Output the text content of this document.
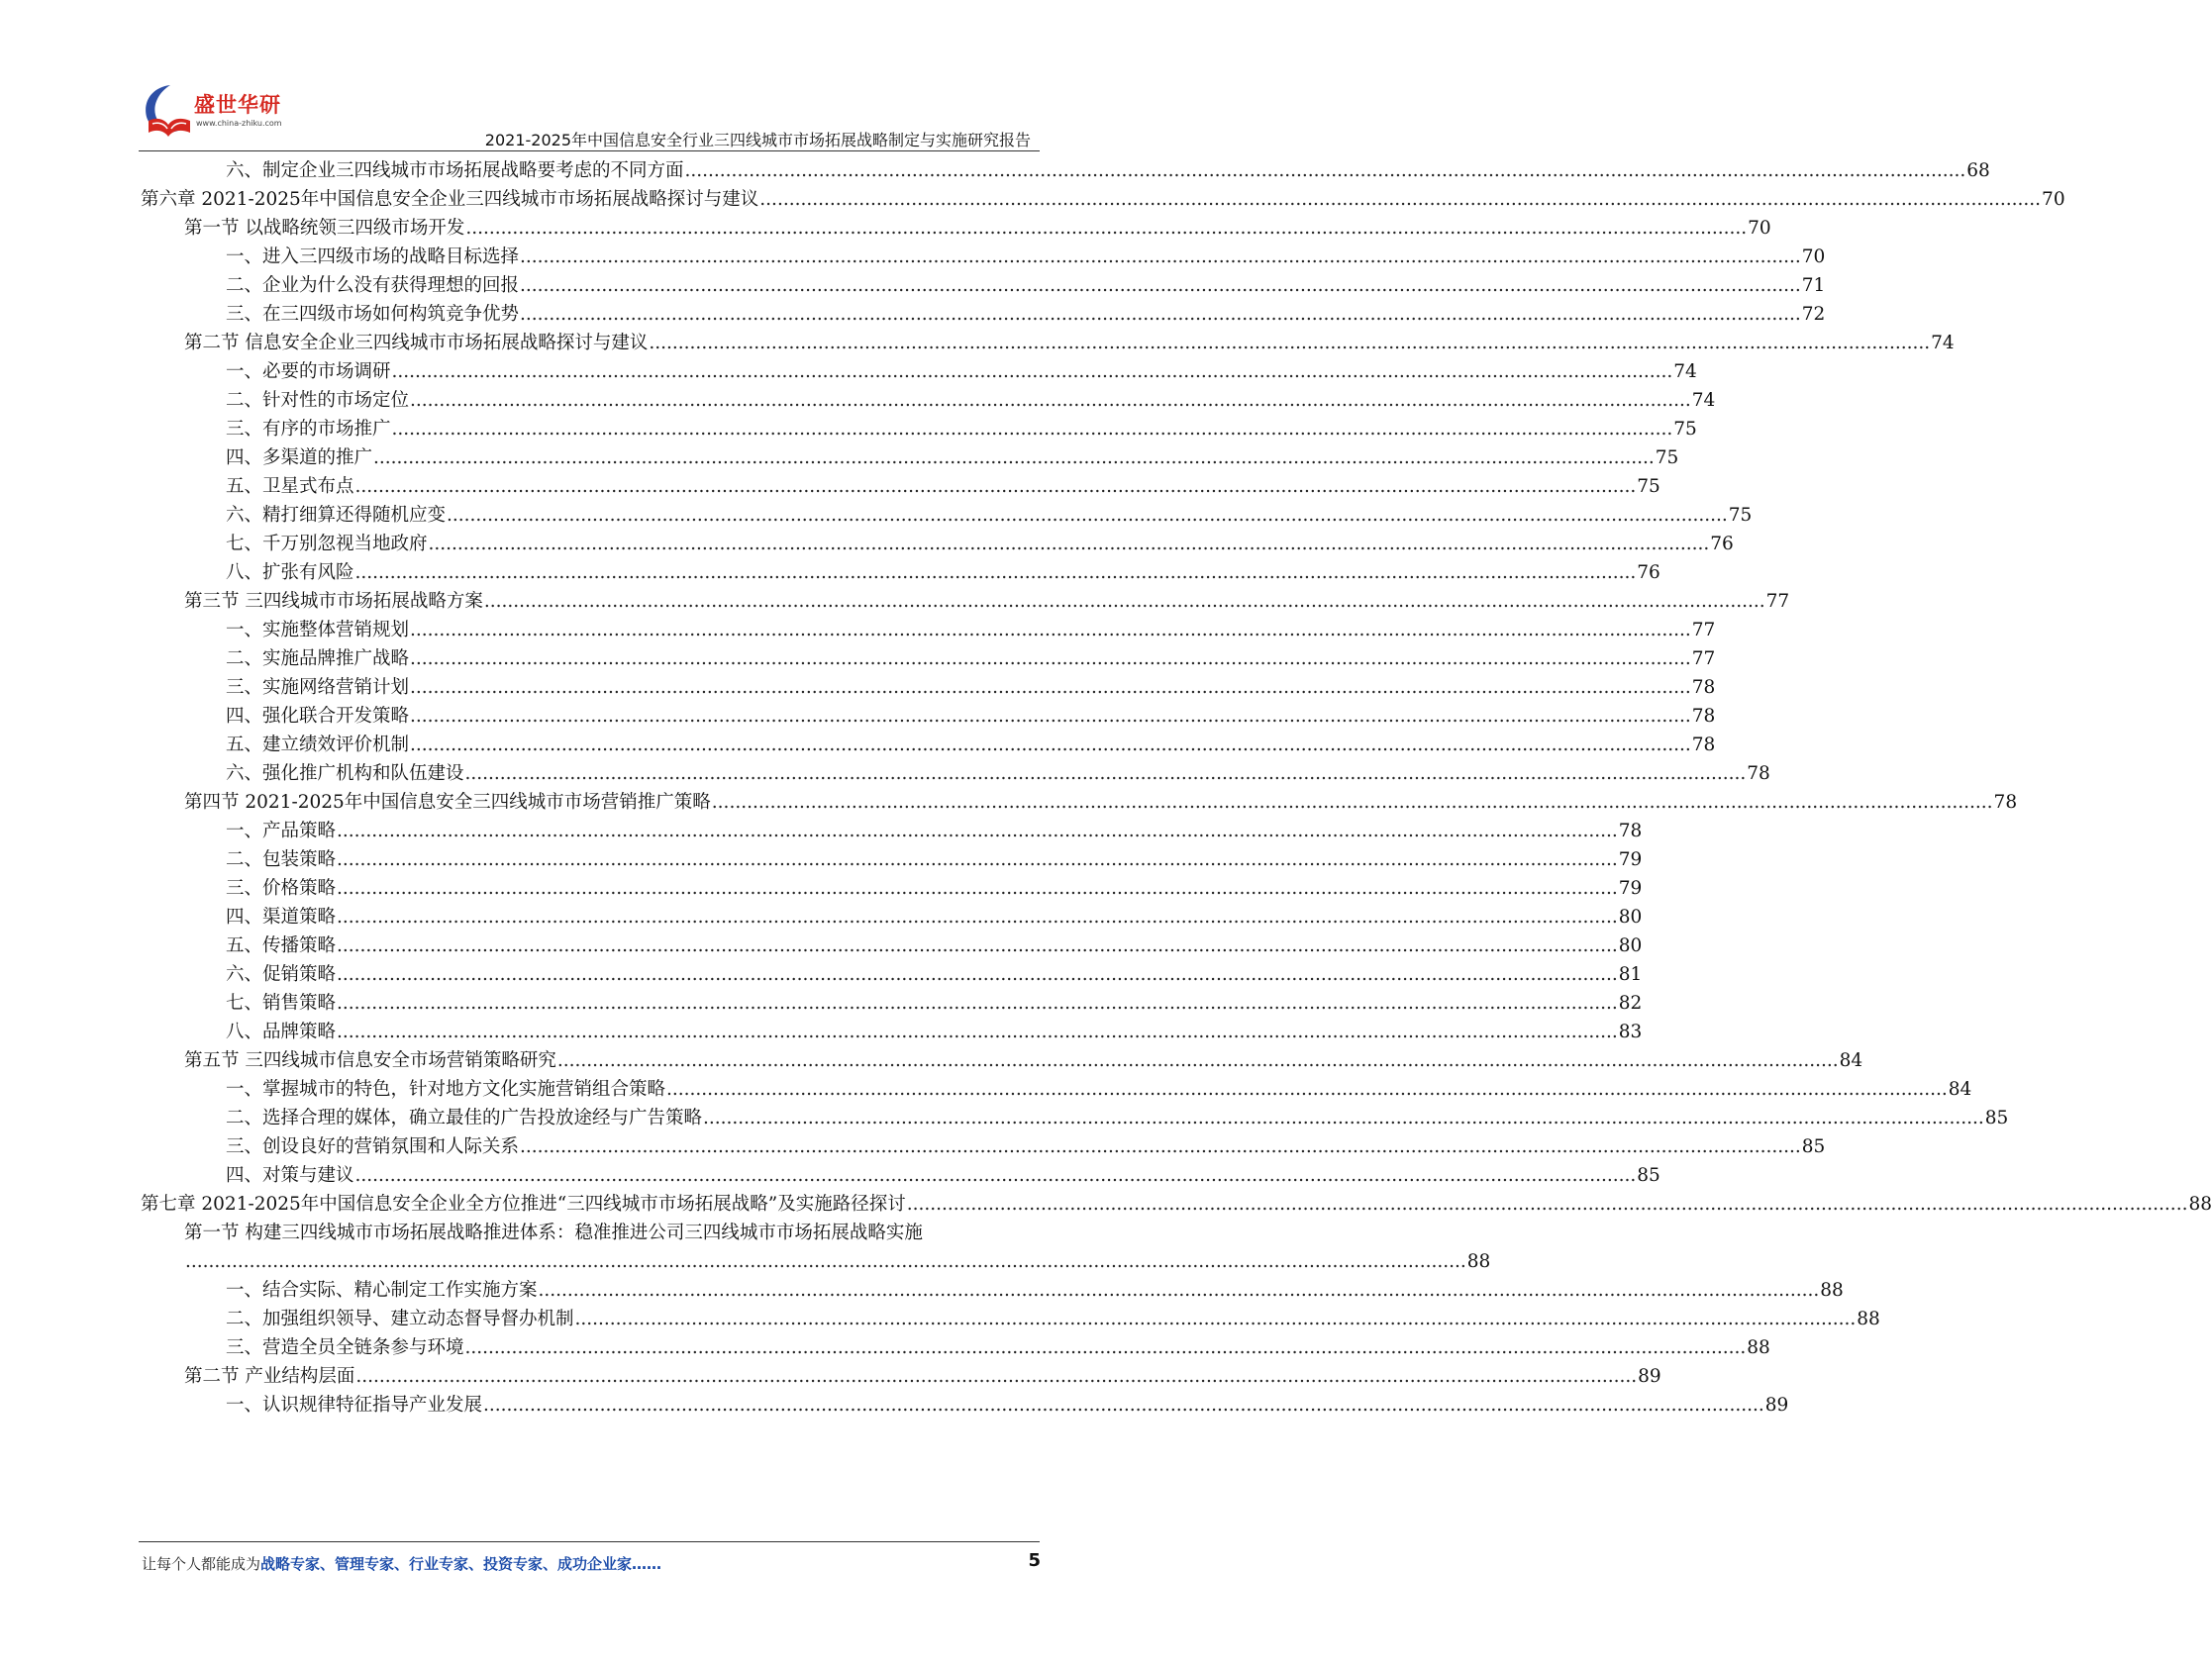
盛世华研
www.china-zhiku.com
2021-2025年中国信息安全行业三四线城市市场拓展战略制定与实施研究报告
六、制定企业三四线城市市场拓展战略要考虑的不同方面 ............................................................................................................................................................................................................................ 68
第六章 2021-2025年中国信息安全企业三四线城市市场拓展战略探讨与建议 ............................................................................................................................................................................................................................ 70
第一节 以战略统领三四级市场开发 ............................................................................................................................................................................................................................ 70
一、进入三四级市场的战略目标选择 ............................................................................................................................................................................................................................ 70
二、企业为什么没有获得理想的回报 ............................................................................................................................................................................................................................ 71
三、在三四级市场如何构筑竞争优势 ............................................................................................................................................................................................................................ 72
第二节 信息安全企业三四线城市市场拓展战略探讨与建议 ............................................................................................................................................................................................................................ 74
一、必要的市场调研 ............................................................................................................................................................................................................................ 74
二、针对性的市场定位 ............................................................................................................................................................................................................................ 74
三、有序的市场推广 ............................................................................................................................................................................................................................ 75
四、多渠道的推广 ............................................................................................................................................................................................................................ 75
五、卫星式布点 ............................................................................................................................................................................................................................ 75
六、精打细算还得随机应变 ............................................................................................................................................................................................................................ 75
七、千万别忽视当地政府 ............................................................................................................................................................................................................................ 76
八、扩张有风险 ............................................................................................................................................................................................................................ 76
第三节 三四线城市市场拓展战略方案 ............................................................................................................................................................................................................................ 77
一、实施整体营销规划 ............................................................................................................................................................................................................................ 77
二、实施品牌推广战略 ............................................................................................................................................................................................................................ 77
三、实施网络营销计划 ............................................................................................................................................................................................................................ 78
四、强化联合开发策略 ............................................................................................................................................................................................................................ 78
五、建立绩效评价机制 ............................................................................................................................................................................................................................ 78
六、强化推广机构和队伍建设 ............................................................................................................................................................................................................................ 78
第四节 2021-2025年中国信息安全三四线城市市场营销推广策略 ............................................................................................................................................................................................................................ 78
一、产品策略 ............................................................................................................................................................................................................................ 78
二、包装策略 ............................................................................................................................................................................................................................ 79
三、价格策略 ............................................................................................................................................................................................................................ 79
四、渠道策略 ............................................................................................................................................................................................................................ 80
五、传播策略 ............................................................................................................................................................................................................................ 80
六、促销策略 ............................................................................................................................................................................................................................ 81
七、销售策略 ............................................................................................................................................................................................................................ 82
八、品牌策略 ............................................................................................................................................................................................................................ 83
第五节 三四线城市信息安全市场营销策略研究 ............................................................................................................................................................................................................................ 84
一、掌握城市的特色，针对地方文化实施营销组合策略 ............................................................................................................................................................................................................................ 84
二、选择合理的媒体，确立最佳的广告投放途经与广告策略 ............................................................................................................................................................................................................................ 85
三、创设良好的营销氛围和人际关系 ............................................................................................................................................................................................................................ 85
四、对策与建议 ............................................................................................................................................................................................................................ 85
第七章 2021-2025年中国信息安全企业全方位推进“三四线城市市场拓展战略”及实施路径探讨 ............................................................................................................................................................................................................................ 88
第一节 构建三四线城市市场拓展战略推进体系：稳准推进公司三四线城市市场拓展战略实施
............................................................................................................................................................................................................................ 88
一、结合实际、精心制定工作实施方案 ............................................................................................................................................................................................................................ 88
二、加强组织领导、建立动态督导督办机制 ............................................................................................................................................................................................................................ 88
三、营造全员全链条参与环境 ............................................................................................................................................................................................................................ 88
第二节 产业结构层面 ............................................................................................................................................................................................................................ 89
一、认识规律特征指导产业发展 ............................................................................................................................................................................................................................ 89
让每个人都能成为战略专家、管理专家、行业专家、投资专家、成功企业家……	5
